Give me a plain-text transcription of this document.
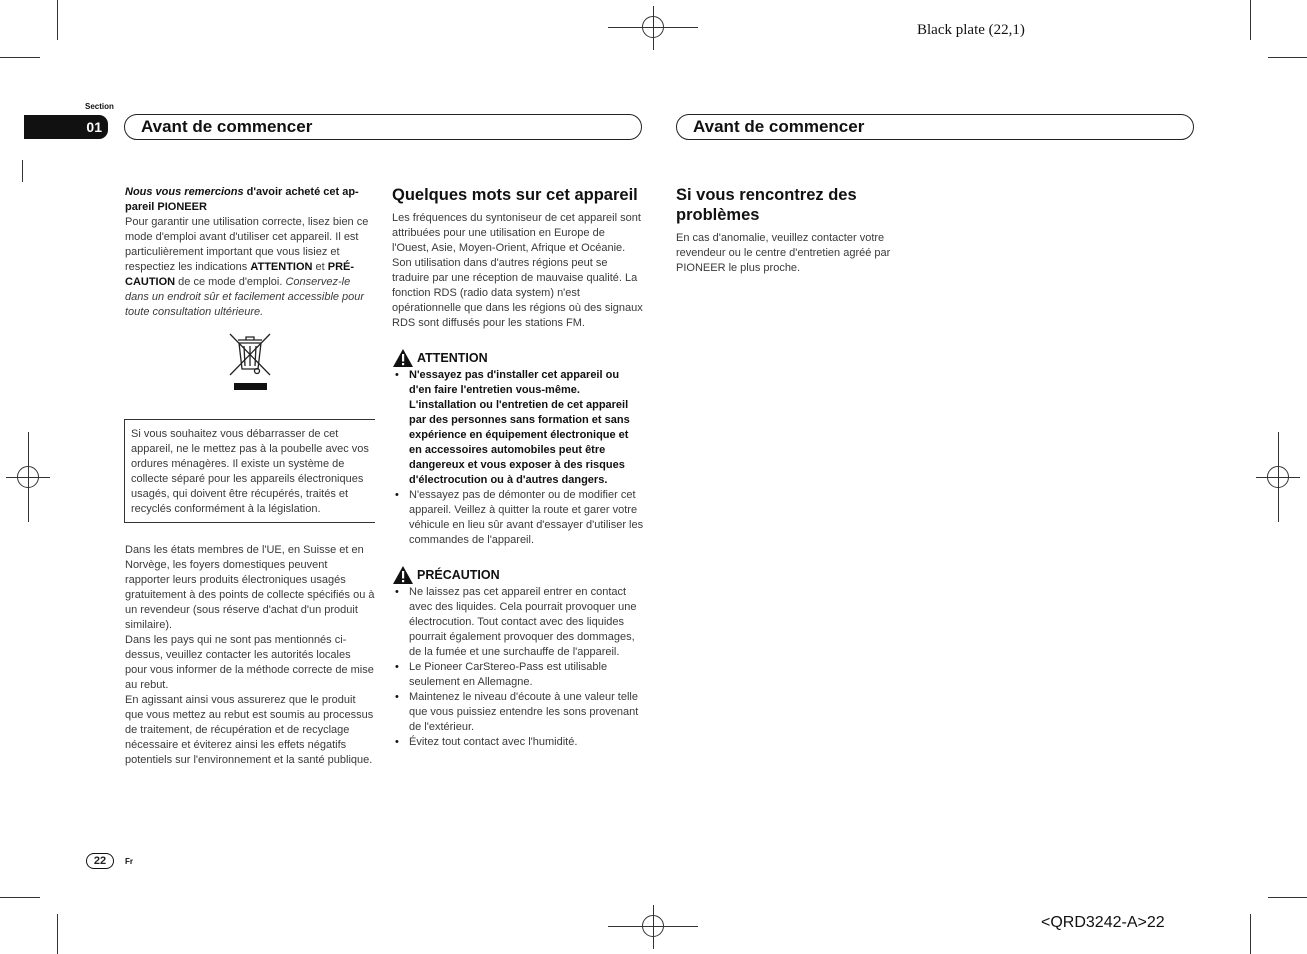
Black plate (22,1)
<QRD3242-A>22
Section
01 Avant de commencer	Avant de commencer

Nous vous remercions d'avoir acheté cet ap-
pareil PIONEER

Pour garantir une utilisation correcte, lisez bien ce mode d'emploi avant d'utiliser cet appareil. Il est particulièrement important que vous lisiez et respectiez les indications ATTENTION et PRÉ-CAUTION de ce mode d'emploi. Conservez-le dans un endroit sûr et facilement accessible pour toute consultation ultérieure.

Si vous souhaitez vous débarrasser de cet appareil, ne le mettez pas à la poubelle avec vos ordures ménagères. Il existe un système de collecte séparé pour les appareils électroniques usagés, qui doivent être récupérés, traités et recyclés conformément à la législation.

Dans les états membres de l'UE, en Suisse et en Norvège, les foyers domestiques peuvent rapporter leurs produits électroniques usagés gratuitement à des points de collecte spécifiés ou à un revendeur (sous réserve d'achat d'un produit similaire).

Dans les pays qui ne sont pas mentionnés ci-dessus, veuillez contacter les autorités locales pour vous informer de la méthode correcte de mise au rebut.

En agissant ainsi vous assurerez que le produit que vous mettez au rebut est soumis au processus de traitement, de récupération et de recyclage nécessaire et éviterez ainsi les effets négatifs potentiels sur l'environnement et la santé publique.

Quelques mots sur cet appareil

Les fréquences du syntoniseur de cet appareil sont attribuées pour une utilisation en Europe de l'Ouest, Asie, Moyen-Orient, Afrique et Océanie. Son utilisation dans d'autres régions peut se traduire par une réception de mauvaise qualité. La fonction RDS (radio data system) n'est opérationnelle que dans les régions où des signaux RDS sont diffusés pour les stations FM.

ATTENTION
• N'essayez pas d'installer cet appareil ou d'en faire l'entretien vous-même. L'installation ou l'entretien de cet appareil par des personnes sans formation et sans expérience en équipement électronique et en accessoires automobiles peut être dangereux et vous exposer à des risques d'électrocution ou à d'autres dangers.
• N'essayez pas de démonter ou de modifier cet appareil. Veillez à quitter la route et garer votre véhicule en lieu sûr avant d'essayer d'utiliser les commandes de l'appareil.
PRÉCAUTION
• Ne laissez pas cet appareil entrer en contact avec des liquides. Cela pourrait provoquer une électrocution. Tout contact avec des liquides pourrait également provoquer des dommages, de la fumée et une surchauffe de l'appareil.
• Le Pioneer CarStereo-Pass est utilisable seulement en Allemagne.
• Maintenez le niveau d'écoute à une valeur telle que vous puissiez entendre les sons provenant de l'extérieur.
• Évitez tout contact avec l'humidité.
Si vous rencontrez des problèmes

En cas d'anomalie, veuillez contacter votre revendeur ou le centre d'entretien agréé par PIONEER le plus proche.

22 Fr
